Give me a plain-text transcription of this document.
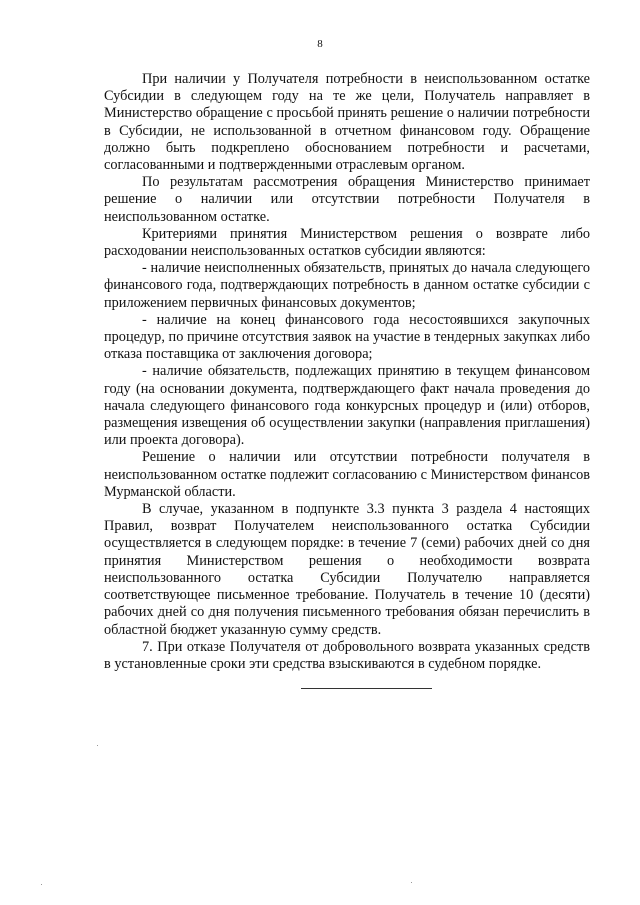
8

При наличии у Получателя потребности в неиспользованном остатке Субсидии в следующем году на те же цели, Получатель направляет в Министерство обращение с просьбой принять решение о наличии потребности в Субсидии, не использованной в отчетном финансовом году. Обращение должно быть подкреплено обоснованием потребности и расчетами, согласованными и подтвержденными отраслевым органом.

По результатам рассмотрения обращения Министерство принимает решение о наличии или отсутствии потребности Получателя в неиспользованном остатке.

Критериями принятия Министерством решения о возврате либо расходовании неиспользованных остатков субсидии являются:

- наличие неисполненных обязательств, принятых до начала следующего финансового года, подтверждающих потребность в данном остатке субсидии с приложением первичных финансовых документов;

- наличие на конец финансового года несостоявшихся закупочных процедур, по причине отсутствия заявок на участие в тендерных закупках либо отказа поставщика от заключения договора;

- наличие обязательств, подлежащих принятию в текущем финансовом году (на основании документа, подтверждающего факт начала проведения до начала следующего финансового года конкурсных процедур и (или) отборов, размещения извещения об осуществлении закупки (направления приглашения) или проекта договора).

Решение о наличии или отсутствии потребности получателя в неиспользованном остатке подлежит согласованию с Министерством финансов Мурманской области.

В случае, указанном в подпункте 3.3 пункта 3 раздела 4 настоящих Правил, возврат Получателем неиспользованного остатка Субсидии осуществляется в следующем порядке: в течение 7 (семи) рабочих дней со дня принятия Министерством решения о необходимости возврата неиспользованного остатка Субсидии Получателю направляется соответствующее письменное требование. Получатель в течение 10 (десяти) рабочих дней со дня получения письменного требования обязан перечислить в областной бюджет указанную сумму средств.

7. При отказе Получателя от добровольного возврата указанных средств в установленные сроки эти средства взыскиваются в судебном порядке.
